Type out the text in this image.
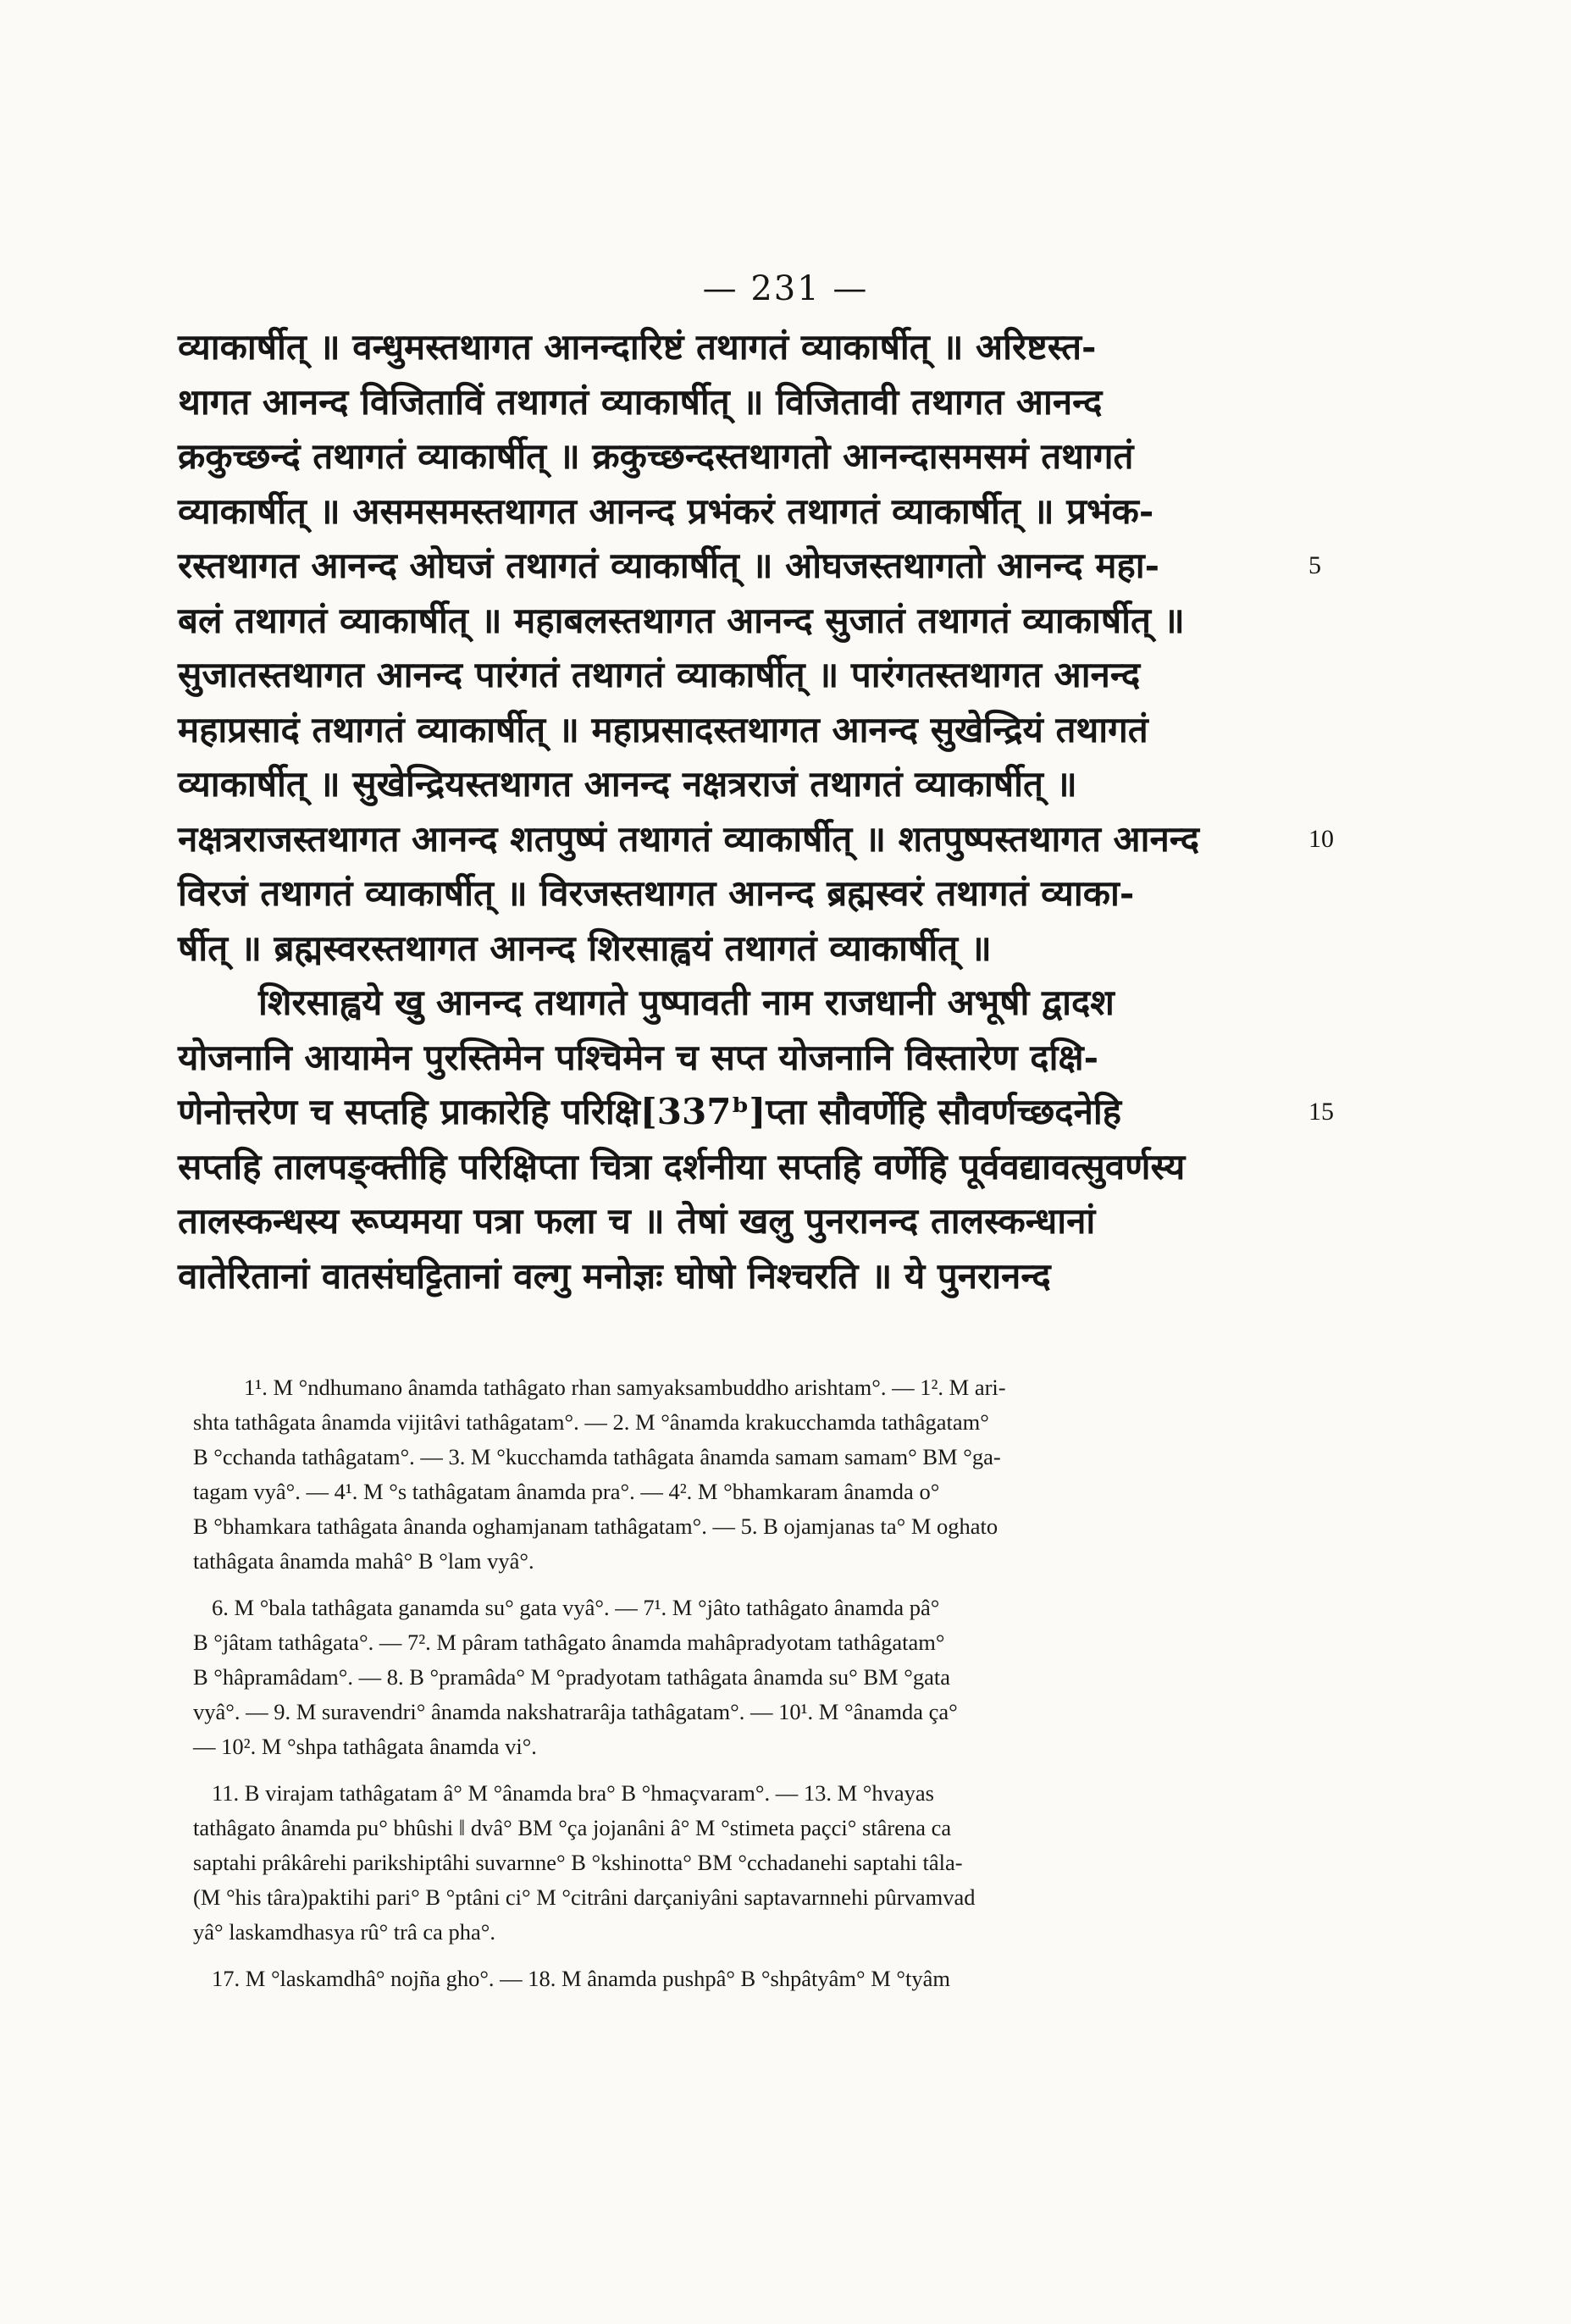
— 231 —
व्याकार्षीत् ॥ वन्धुमस्तथागत आनन्दारिष्टं तथागतं व्याकार्षीत् ॥ अरिष्टस्त-
थागत आनन्द विजिताविं तथागतं व्याकार्षीत् ॥ विजितावी तथागत आनन्द
क्रकुच्छन्दं तथागतं व्याकार्षीत् ॥ क्रकुच्छन्दस्तथागतो आनन्दासमसमं तथागतं
व्याकार्षीत् ॥ असमसमस्तथागत आनन्द प्रभंकरं तथागतं व्याकार्षीत् ॥ प्रभंक-
रस्तथागत आनन्द ओघजं तथागतं व्याकार्षीत् ॥ ओघजस्तथागतो आनन्द महा-	5
बलं तथागतं व्याकार्षीत् ॥ महाबलस्तथागत आनन्द सुजातं तथागतं व्याकार्षीत् ॥
सुजातस्तथागत आनन्द पारंगतं तथागतं व्याकार्षीत् ॥ पारंगतस्तथागत आनन्द
महाप्रसादं तथागतं व्याकार्षीत् ॥ महाप्रसादस्तथागत आनन्द सुखेन्द्रियं तथागतं
व्याकार्षीत् ॥ सुखेन्द्रियस्तथागत आनन्द नक्षत्रराजं तथागतं व्याकार्षीत् ॥
नक्षत्रराजस्तथागत आनन्द शतपुष्पं तथागतं व्याकार्षीत् ॥ शतपुष्पस्तथागत आनन्द	10
विरजं तथागतं व्याकार्षीत् ॥ विरजस्तथागत आनन्द ब्रह्मस्वरं तथागतं व्याका-
र्षीत् ॥ ब्रह्मस्वरस्तथागत आनन्द शिरसाह्वयं तथागतं व्याकार्षीत् ॥
शिरसाह्वये खु आनन्द तथागते पुष्पावती नाम राजधानी अभूषी द्वादश
योजनानि आयामेन पुरस्तिमेन पश्चिमेन च सप्त योजनानि विस्तारेण दक्षि-
णेनोत्तरेण च सप्तहि प्राकारेहि परिक्षि[337ᵇ]प्ता सौवर्णेहि सौवर्णच्छदनेहि	15
सप्तहि तालपङ्क्तीहि परिक्षिप्ता चित्रा दर्शनीया सप्तहि वर्णेहि पूर्ववद्यावत्सुवर्णस्य
तालस्कन्धस्य रूप्यमया पत्रा फला च ॥ तेषां खलु पुनरानन्द तालस्कन्धानां
वातेरितानां वातसंघट्टितानां वल्गु मनोज्ञः घोषो निश्चरति ॥ ये पुनरानन्द
1¹. M °ndhumano ânamda tathâgato rhan samyaksambuddho arishtam°. — 1². M ari-
shta tathâgata ânamda vijitâvi tathâgatam°. — 2. M °ânamda krakucchamda tathâgatam°
B °cchanda tathâgatam°. — 3. M °kucchamda tathâgata ânamda samam samam° BM °ga-
tagam vyâ°. — 4¹. M °s tathâgatam ânamda pra°. — 4². M °bhamkaram ânamda o°
B °bhamkara tathâgata ânanda oghamjanam tathâgatam°. — 5. B ojamjanas ta° M oghato
tathâgata ânamda mahâ° B °lam vyâ°.
6. M °bala tathâgata ganamda su° gata vyâ°. — 7¹. M °jâto tathâgato ânamda pâ°
B °jâtam tathâgata°. — 7². M pâram tathâgato ânamda mahâpradyotam tathâgatam°
B °hâpramâdam°. — 8. B °pramâda° M °pradyotam tathâgata ânamda su° BM °gata
vyâ°. — 9. M suravendri° ânamda nakshatrarâja tathâgatam°. — 10¹. M °ânamda ça°
— 10². M °shpa tathâgata ânamda vi°.
11. B virajam tathâgatam â° M °ânamda bra° B °hmaçvaram°. — 13. M °hvayas
tathâgato ânamda pu° bhûshi ‖ dvâ° BM °ça jojanâni â° M °stimeta paçci° stârena ca
saptahi prâkârehi parikshiptâhi suvarnne° B °kshinotta° BM °cchadanehi saptahi tâla-
(M °his târa)paktihi pari° B °ptâni ci° M °citrâni darçaniyâni saptavarnnehi pûrvamvad
yâ° laskamdhasya rû° trâ ca pha°.
17. M °laskamdhâ° nojña gho°. — 18. M ânamda pushpâ° B °shpâtyâm° M °tyâm
